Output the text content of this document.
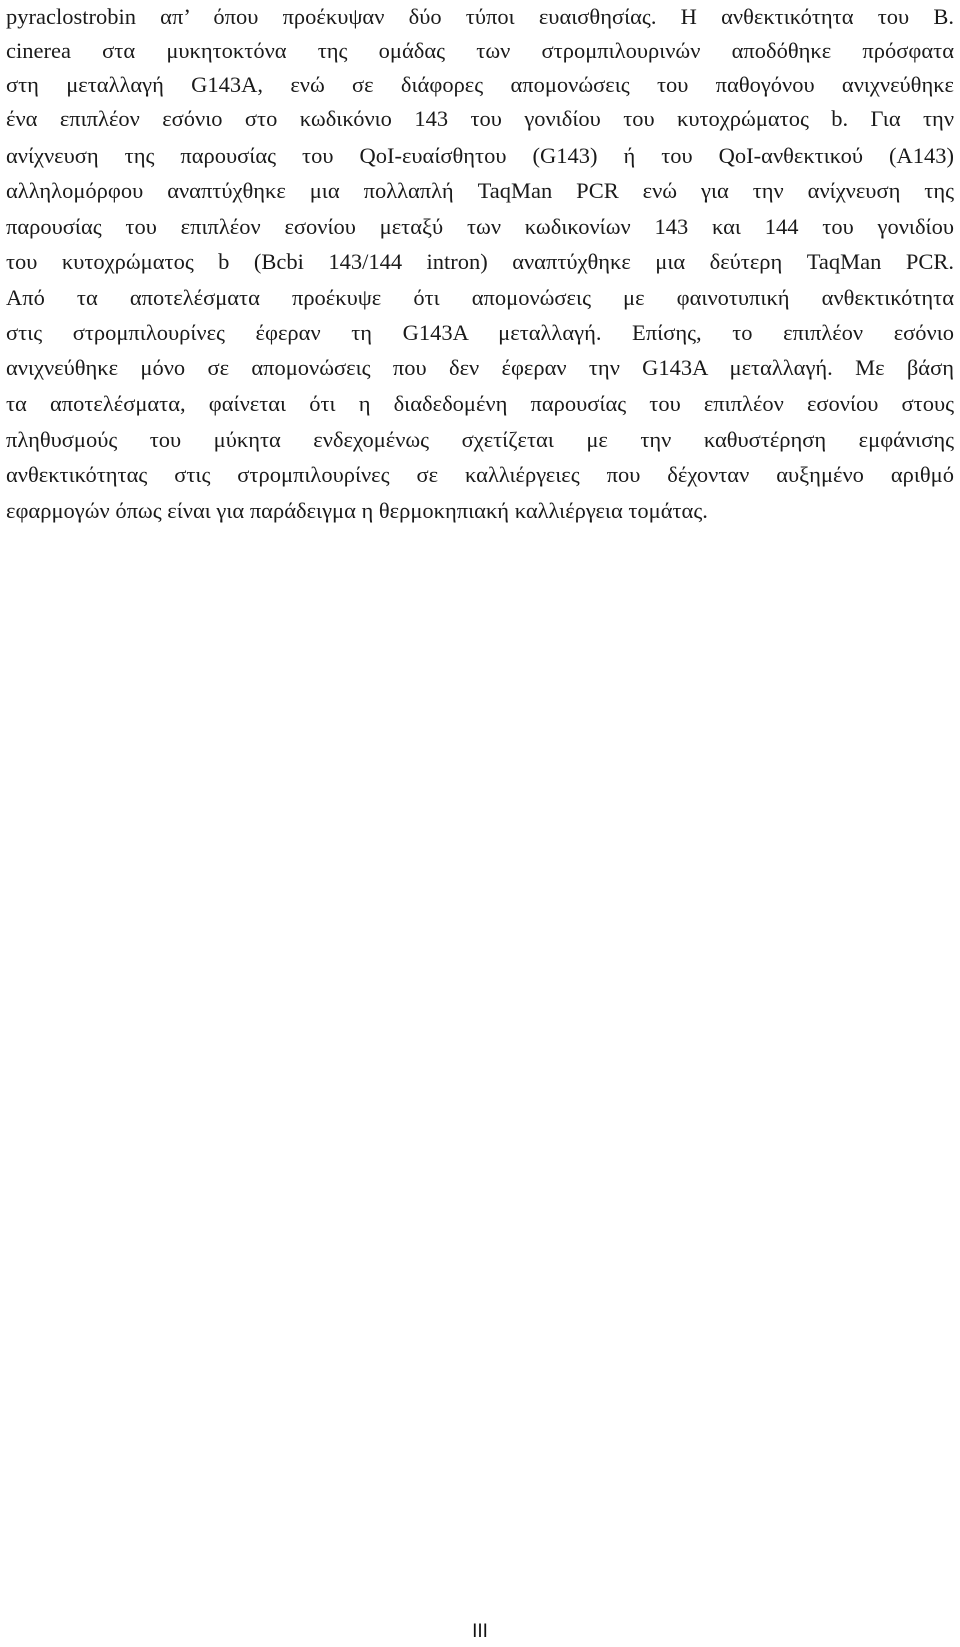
pyraclostrobin απ’ όπου προέκυψαν δύο τύποι ευαισθησίας. Η ανθεκτικότητα του B.
cinerea στα μυκητοκτόνα της ομάδας των στρομπιλουρινών αποδόθηκε πρόσφατα
στη μεταλλαγή G143A, ενώ σε διάφορες απομονώσεις του παθογόνου ανιχνεύθηκε
ένα επιπλέον εσόνιο στο κωδικόνιο 143 του γονιδίου του κυτοχρώματος b. Για την
ανίχνευση της παρουσίας του QoI-ευαίσθητου (G143) ή του QoI-ανθεκτικού (A143)
αλληλομόρφου αναπτύχθηκε μια πολλαπλή TaqMan PCR ενώ για την ανίχνευση της
παρουσίας του επιπλέον εσονίου μεταξύ των κωδικονίων 143 και 144 του γονιδίου
του κυτοχρώματος b (Bcbi 143/144 intron) αναπτύχθηκε μια δεύτερη TaqMan PCR.
Από τα αποτελέσματα προέκυψε ότι απομονώσεις με φαινοτυπική ανθεκτικότητα
στις στρομπιλουρίνες έφεραν τη G143A μεταλλαγή. Επίσης, το επιπλέον εσόνιο
ανιχνεύθηκε μόνο σε απομονώσεις που δεν έφεραν την G143A μεταλλαγή. Με βάση
τα αποτελέσματα, φαίνεται ότι η διαδεδομένη παρουσίας του επιπλέον εσονίου στους
πληθυσμούς του μύκητα ενδεχομένως σχετίζεται με την καθυστέρηση εμφάνισης
ανθεκτικότητας στις στρομπιλουρίνες σε καλλιέργειες που δέχονταν αυξημένο αριθμό
εφαρμογών όπως είναι για παράδειγμα η θερμοκηπιακή καλλιέργεια τομάτας.
III
